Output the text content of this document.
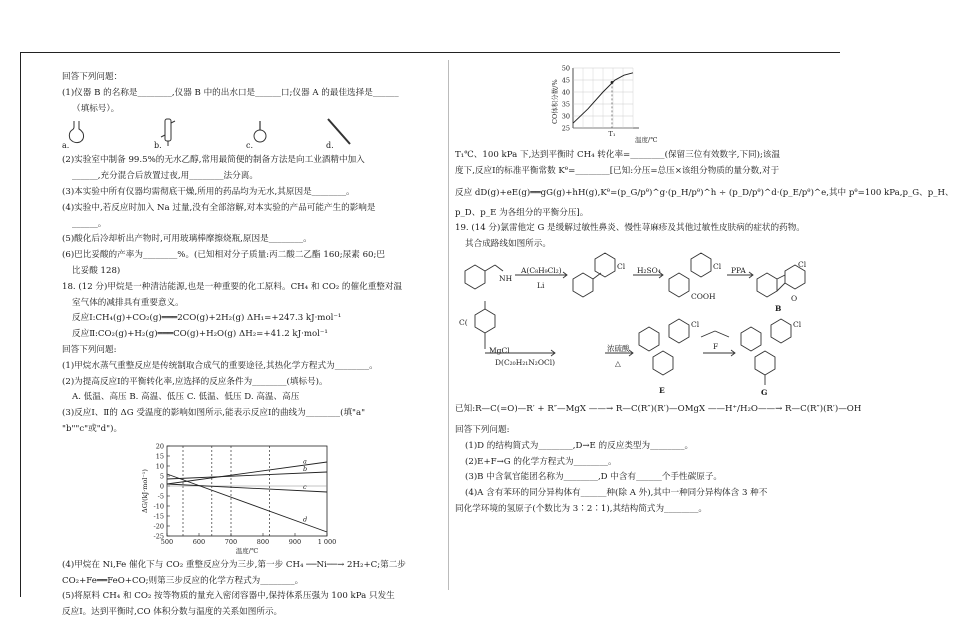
回答下列问题：
(1)仪器 B 的名称是________,仪器 B 中的出水口是______口;仪器 A 的最佳选择是______
（填标号）。
a.	b.	c.	d.
(2)实验室中制备 99.5%的无水乙醇,常用最简便的制备方法是向工业酒精中加入
______,充分混合后放置过夜,用________法分离。
(3)本实验中所有仪器均需彻底干燥,所用的药品均为无水,其原因是________。
(4)实验中,若反应时加入 Na 过量,没有全部溶解,对本实验的产品可能产生的影响是
______。
(5)酸化后冷却析出产物时,可用玻璃棒摩擦烧瓶,原因是________。
(6)巴比妥酸的产率为________%。(已知相对分子质量:丙二酸二乙酯 160;尿素 60;巴
比妥酸 128)
18. (12 分)甲烷是一种清洁能源,也是一种重要的化工原料。CH₄ 和 CO₂ 的催化重整对温
室气体的减排具有重要意义。
反应Ⅰ:CH₄(g)+CO₂(g)═══2CO(g)+2H₂(g) ΔH₁=+247.3 kJ·mol⁻¹
反应Ⅱ:CO₂(g)+H₂(g)═══CO(g)+H₂O(g) ΔH₂=+41.2 kJ·mol⁻¹
回答下列问题:
(1)甲烷水蒸气重整反应是传统制取合成气的重要途径,其热化学方程式为________。
(2)为提高反应Ⅰ的平衡转化率,应选择的反应条件为________(填标号)。
A. 低温、高压 B. 高温、低压 C. 低温、低压 D. 高温、高压
(3)反应Ⅰ、Ⅱ的 ΔG 受温度的影响如图所示,能表示反应Ⅰ的曲线为________(填"a"
"b""c"或"d")。
20
15
10
5
0
-5
-10
-15
-20
-25
500	600	700	800	900	1 000
a
b
c
d
ΔG/(kJ·mol⁻¹)
温度/℃
(4)甲烷在 Ni,Fe 催化下与 CO₂ 重整反应分为三步,第一步 CH₄ ──Ni──→ 2H₂+C;第二步
CO₂+Fe══FeO+CO;则第三步反应的化学方程式为________。
(5)将原料 CH₄ 和 CO₂ 按等物质的量充入密闭容器中,保持体系压强为 100 kPa 只发生
反应Ⅰ。达到平衡时,CO 体积分数与温度的关系如图所示。
50
45
40
35
30
25
T₁
CO体积分数/%
温度/℃
T₁℃、100 kPa 下,达到平衡时 CH₄ 转化率=________(保留三位有效数字,下同);该温
度下,反应Ⅰ的标准平衡常数 Kᶿ=________[已知:分压=总压×该组分物质的量分数,对于
反应 dD(g)+eE(g)══gG(g)+hH(g),Kᶿ=(p_G/pᶿ)^g·(p_H/pᶿ)^h ÷ (p_D/pᶿ)^d·(p_E/pᶿ)^e,其中 pᶿ=100 kPa,p_G、p_H、
p_D、p_E 为各组分的平衡分压]。
19. (14 分)氯雷他定 G 是缓解过敏性鼻炎、慢性荨麻疹及其他过敏性皮肤病的症状的药物。
其合成路线如图所示。
NH
A(C₈H₉Cl₂)
Li
Cl H₂SO₄
COOH
Cl PPA
Cl
O
B
C(
MgCl
D(C₂₀H₂₁N₂OCl)
浓硫酸
△
E
Cl
F
Cl
G
已知:R—C(=O)—R′ + R″—MgX ——→ R—C(R″)(R′)—OMgX ——H⁺/H₂O——→ R—C(R″)(R′)—OH
回答下列问题:
(1)D 的结构简式为________,D→E 的反应类型为________。
(2)E+F→G 的化学方程式为________。
(3)B 中含氧官能团名称为________,D 中含有______个手性碳原子。
(4)A 含有苯环的同分异构体有______种(除 A 外),其中一种同分异构体含 3 种不
同化学环境的氢原子(个数比为 3∶2∶1),其结构简式为________。
